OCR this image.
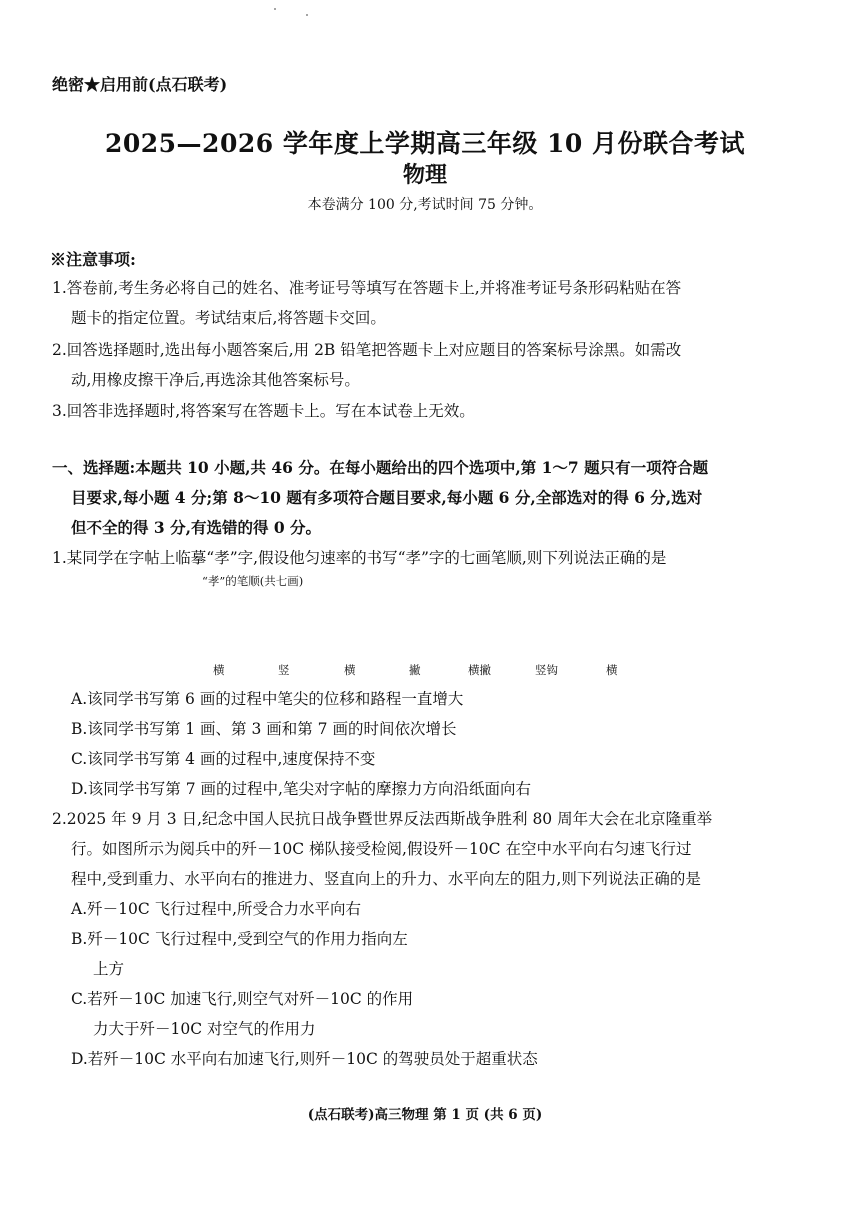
绝密★启用前(点石联考)
2025—2026 学年度上学期高三年级 10 月份联合考试
物理
本卷满分 100 分,考试时间 75 分钟。
※注意事项:
1.答卷前,考生务必将自己的姓名、准考证号等填写在答题卡上,并将准考证号条形码粘贴在答
题卡的指定位置。考试结束后,将答题卡交回。
2.回答选择题时,选出每小题答案后,用 2B 铅笔把答题卡上对应题目的答案标号涂黑。如需改
动,用橡皮擦干净后,再选涂其他答案标号。
3.回答非选择题时,将答案写在答题卡上。写在本试卷上无效。
一、选择题:本题共 10 小题,共 46 分。在每小题给出的四个选项中,第 1～7 题只有一项符合题
目要求,每小题 4 分;第 8～10 题有多项符合题目要求,每小题 6 分,全部选对的得 6 分,选对
但不全的得 3 分,有选错的得 0 分。
1.某同学在字帖上临摹“孝”字,假设他匀速率的书写“孝”字的七画笔顺,则下列说法正确的是
“孝”的笔顺(共七画)
横	竖	横	撇	横撇	竖钩	横
A.该同学书写第 6 画的过程中笔尖的位移和路程一直增大
B.该同学书写第 1 画、第 3 画和第 7 画的时间依次增长
C.该同学书写第 4 画的过程中,速度保持不变
D.该同学书写第 7 画的过程中,笔尖对字帖的摩擦力方向沿纸面向右
2.2025 年 9 月 3 日,纪念中国人民抗日战争暨世界反法西斯战争胜利 80 周年大会在北京隆重举
行。如图所示为阅兵中的歼－10C 梯队接受检阅,假设歼－10C 在空中水平向右匀速飞行过
程中,受到重力、水平向右的推进力、竖直向上的升力、水平向左的阻力,则下列说法正确的是
A.歼－10C 飞行过程中,所受合力水平向右
B.歼－10C 飞行过程中,受到空气的作用力指向左
上方
C.若歼－10C 加速飞行,则空气对歼－10C 的作用
力大于歼－10C 对空气的作用力
D.若歼－10C 水平向右加速飞行,则歼－10C 的驾驶员处于超重状态
(点石联考)高三物理 第 1 页 (共 6 页)
